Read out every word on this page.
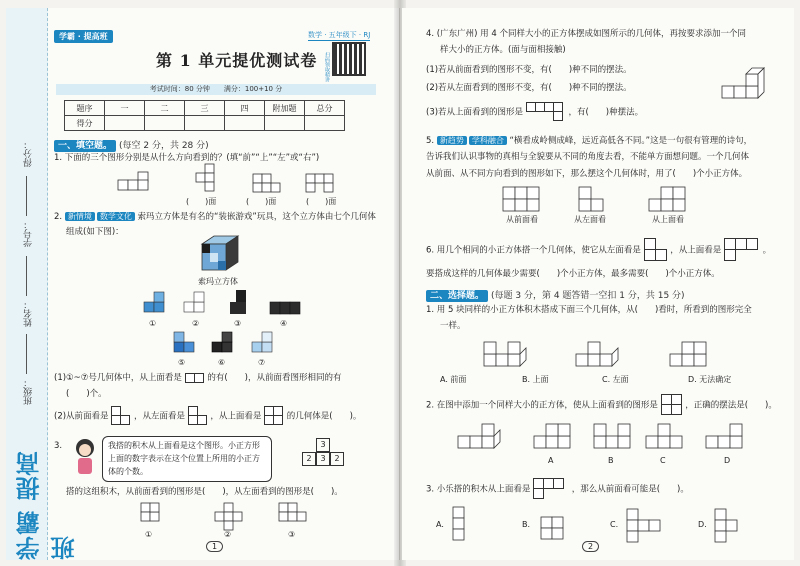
得分：
学号：
姓名：
班级：
学霸 提高班
学霸 · 提高班	数学 · 五年级下 · RJ
第 1 单元提优测试卷 扫码领取精讲
考试时间：80 分钟　　满分：100+10 分
题序	一	二	三	四	附加题	总分
得分						
一、填空题。 (每空 2 分，共 28 分)
1. 下面的三个图形分别是从什么方向看到的？(填“前”“上”“左”或“右”)
(　　)面	(　　)面	(　　)面
2. 新情境 数学文化 索玛立方体是有名的“装嵌游戏”玩具，这个立方体由七个几何体
组成(如下图)：
索玛立方体
①	②	③	④
⑤	⑥	⑦
(1)①~⑦号几何体中，从上面看是	的有(　　)，从前面看图形相同的有
(　　)个。
(2)从前面看是	，从左面看是	，从上面看是	的几何体是(　　)。
3.	我搭的积木从上面看是这个图形。小正方形上面的数字表示在这个位置上所用的小正方体的个数。
3
2	3	2
搭的这组积木，从前面看到的图形是(　　)，从左面看到的图形是(　　)。
①	②	③
1
4. (广东广州) 用 4 个同样大小的正方体摆成如图所示的几何体，再按要求添加一个同
样大小的正方体。(面与面相接触)
(1)若从前面看到的图形不变，有(　　)种不同的摆法。
(2)若从左面看到的图形不变，有(　　)种不同的摆法。
(3)若从上面看到的图形是	，有(　　)种摆法。
5. 新趋势 学科融合 “横看成岭侧成峰，远近高低各不同。”这是一句很有管理的诗句，
告诉我们认识事物的真相与全貌要从不同的角度去看，不能单方面想问题。一个几何体
从前面、从不同方向看到的图形如下，那么摆这个几何体时，用了(　　)个小正方体。
从前面看	从左面看	从上面看
6. 用几个相同的小正方体搭一个几何体，使它从左面看是	，从上面看是	。
要搭成这样的几何体最少需要(　　)个小正方体，最多需要(　　)个小正方体。
二、选择题。 (每题 3 分，第 4 题答错一空扣 1 分，共 15 分)
1. 用 5 块同样的小正方体积木搭成下面三个几何体，从(　　)看时，所看到的图形完全
一样。
A. 前面	B. 上面	C. 左面	D. 无法确定
2. 在图中添加一个同样大小的正方体，使从上面看到的图形是	，正确的摆法是(　　)。
A	B	C	D
3. 小乐搭的积木从上面看是	，那么从前面看可能是(　　)。
A.	B.	C.	D.
2
